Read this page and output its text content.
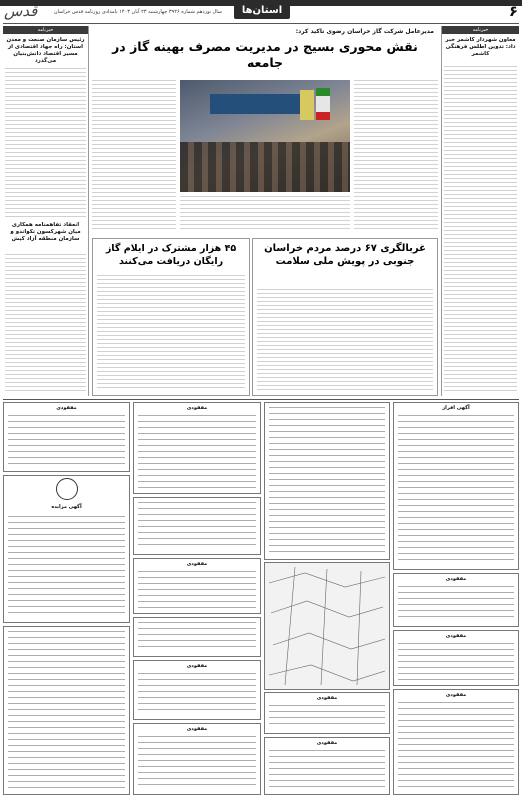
۶
استان‌ها
سال نوزدهم شماره ۳۹۲۶ چهارشنبه ۲۳ آبان ۱۴۰۳ بامدادی روزنامه قدس خراسان
قدس
خبرنامه
معاون شهردار کاشمر خبر داد: تدوین اطلس فرهنگی کاشمر
خبرنامه
رئیس سازمان صنعت و معدن استان: راه جهاد اقتصادی از مسیر اقتصاد دانش‌بنیان می‌گذرد
انعقاد تفاهمنامه همکاری میان شهرکسون تکواندو و سازمان منطقه آزاد کیش
مدیرعامل شرکت گاز خراسان رضوی تاکید کرد:
نقش محوری بسیج در مدیریت مصرف بهینه گاز در جامعه
غربالگری ۶۷ درصد مردم خراسان جنوبی در پویش ملی سلامت
۴۵ هزار مشترک در ایلام گاز رایگان دریافت می‌کنند
آگهی افراز
مفقودی
مفقودی
مفقودی
مفقودی
مفقودی
مفقودی
مفقودی
مفقودی
مفقودی
مفقودی
آگهی مزایده
